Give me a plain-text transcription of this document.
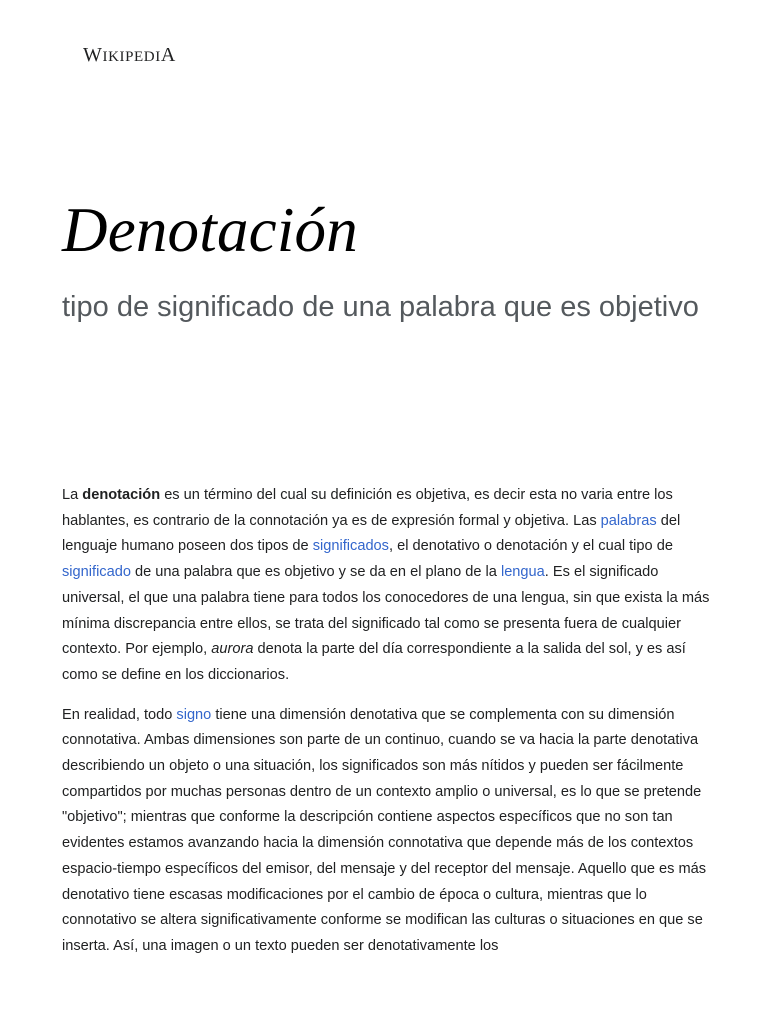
WIKIPEDIA
Denotación
tipo de significado de una palabra que es objetivo

La denotación es un término del cual su definición es objetiva, es decir esta no varia entre los hablantes, es contrario de la connotación ya es de expresión formal y objetiva. Las palabras del lenguaje humano poseen dos tipos de significados, el denotativo o denotación y el cual tipo de significado de una palabra que es objetivo y se da en el plano de la lengua. Es el significado universal, el que una palabra tiene para todos los conocedores de una lengua, sin que exista la más mínima discrepancia entre ellos, se trata del significado tal como se presenta fuera de cualquier contexto. Por ejemplo, aurora denota la parte del día correspondiente a la salida del sol, y es así como se define en los diccionarios.

En realidad, todo signo tiene una dimensión denotativa que se complementa con su dimensión connotativa. Ambas dimensiones son parte de un continuo, cuando se va hacia la parte denotativa describiendo un objeto o una situación, los significados son más nítidos y pueden ser fácilmente compartidos por muchas personas dentro de un contexto amplio o universal, es lo que se pretende "objetivo"; mientras que conforme la descripción contiene aspectos específicos que no son tan evidentes estamos avanzando hacia la dimensión connotativa que depende más de los contextos espacio-tiempo específicos del emisor, del mensaje y del receptor del mensaje. Aquello que es más denotativo tiene escasas modificaciones por el cambio de época o cultura, mientras que lo connotativo se altera significativamente conforme se modifican las culturas o situaciones en que se inserta. Así, una imagen o un texto pueden ser denotativamente los
